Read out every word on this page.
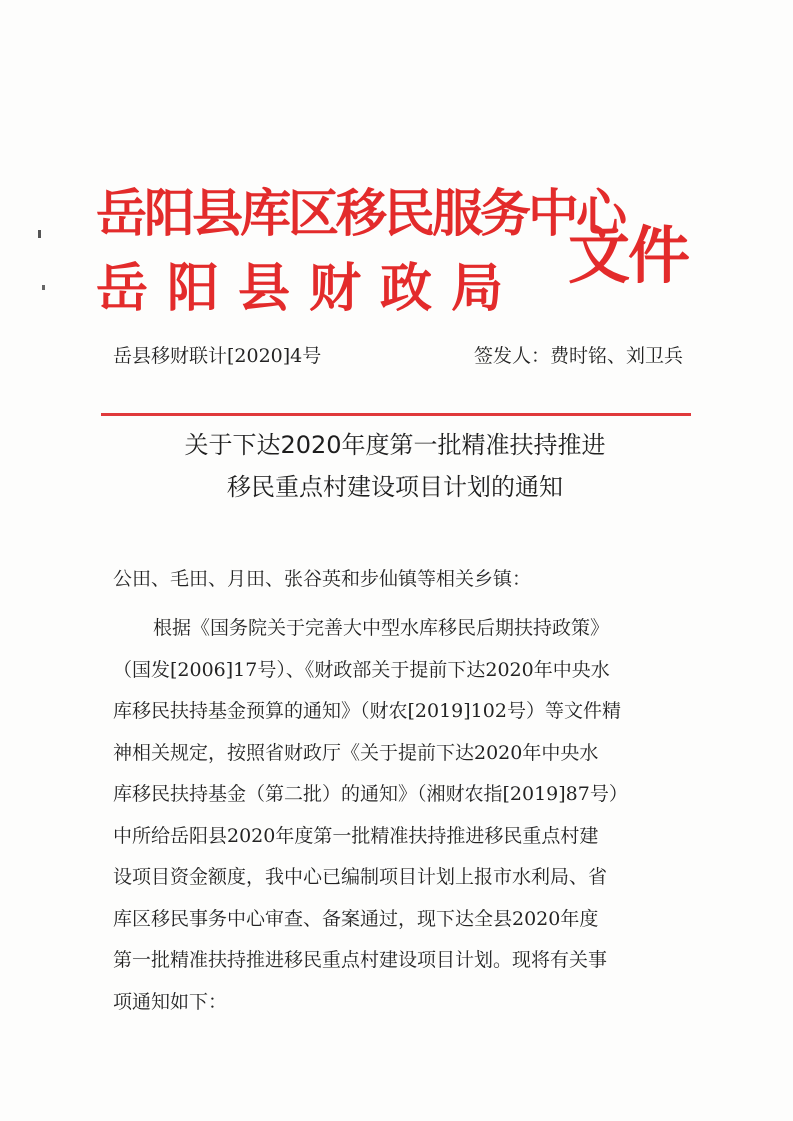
岳阳县库区移民服务中心
岳阳县财政局 文件
岳县移财联计[2020]4号	签发人：费时铭、刘卫兵
关于下达2020年度第一批精准扶持推进
移民重点村建设项目计划的通知
公田、毛田、月田、张谷英和步仙镇等相关乡镇：
根据《国务院关于完善大中型水库移民后期扶持政策》
（国发[2006]17号）、《财政部关于提前下达2020年中央水
库移民扶持基金预算的通知》（财农[2019]102号）等文件精
神相关规定，按照省财政厅《关于提前下达2020年中央水
库移民扶持基金（第二批）的通知》（湘财农指[2019]87号）
中所给岳阳县2020年度第一批精准扶持推进移民重点村建
设项目资金额度，我中心已编制项目计划上报市水利局、省
库区移民事务中心审查、备案通过，现下达全县2020年度
第一批精准扶持推进移民重点村建设项目计划。现将有关事
项通知如下：
